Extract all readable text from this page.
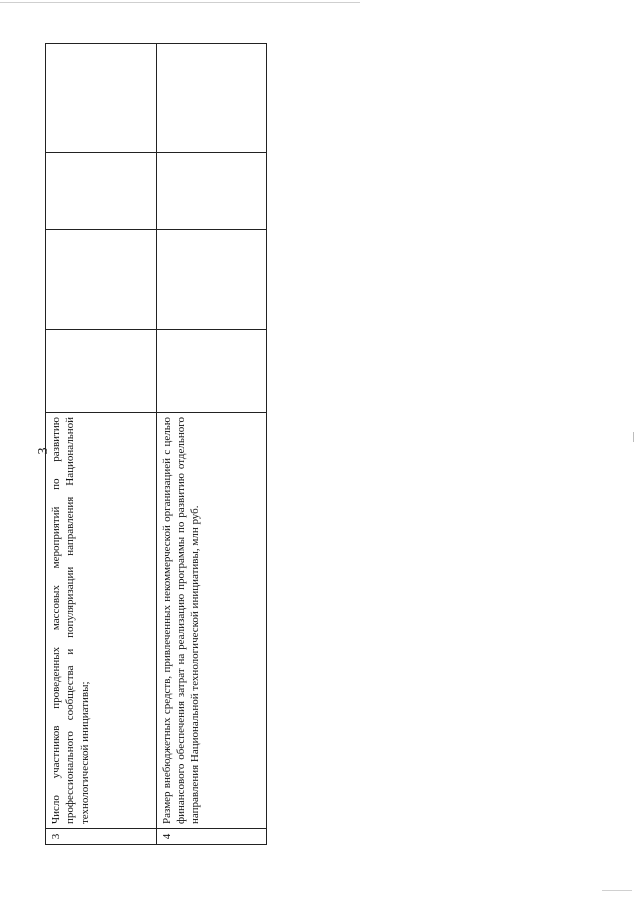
3
3	Число участников проведенных массовых мероприятий по развитию профессионального сообщества и популяризации направления Национальной технологической инициативы;				
4	Размер внебюджетных средств, привлеченных некоммерческой организацией с целью финансового обеспечения затрат на реализацию программы по развитию отдельного направления Национальной технологической инициативы, млн руб.				
